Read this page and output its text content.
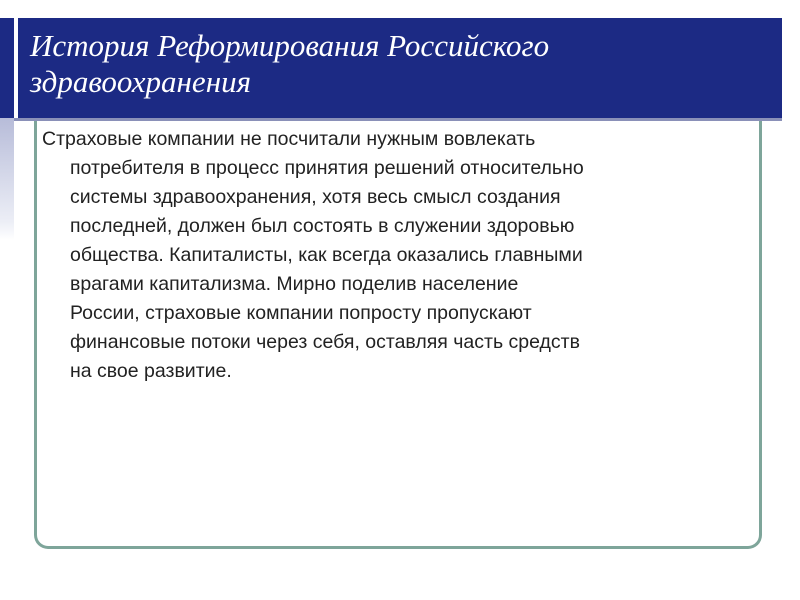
История Реформирования Российского
здравоохранения

Страховые компании не посчитали нужным вовлекать
потребителя в процесс принятия решений относительно
системы здравоохранения, хотя весь смысл создания
последней, должен был состоять в служении здоровью
общества. Капиталисты, как всегда оказались главными
врагами капитализма. Мирно поделив население
России, страховые компании попросту пропускают
финансовые потоки через себя, оставляя часть средств
на свое развитие.
